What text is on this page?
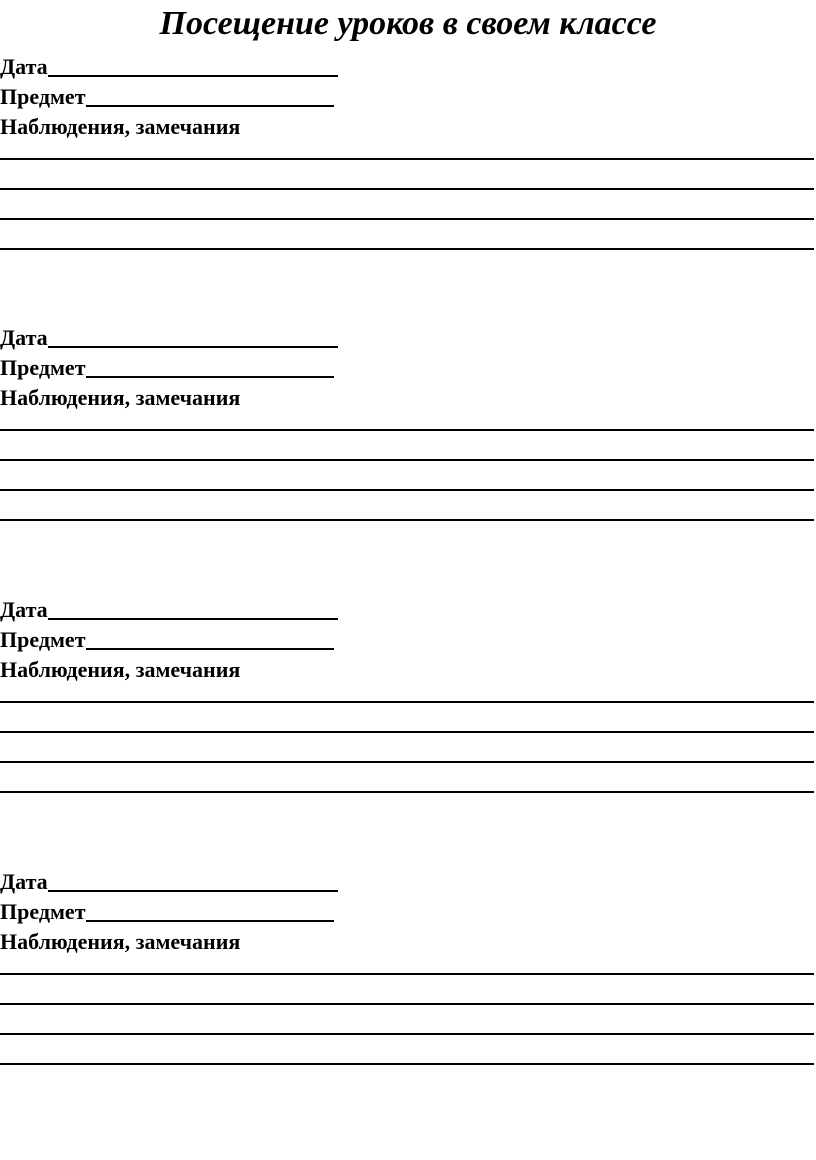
Посещение уроков в своем классе
Дата
Предмет
Наблюдения, замечания
Дата
Предмет
Наблюдения, замечания
Дата
Предмет
Наблюдения, замечания
Дата
Предмет
Наблюдения, замечания
